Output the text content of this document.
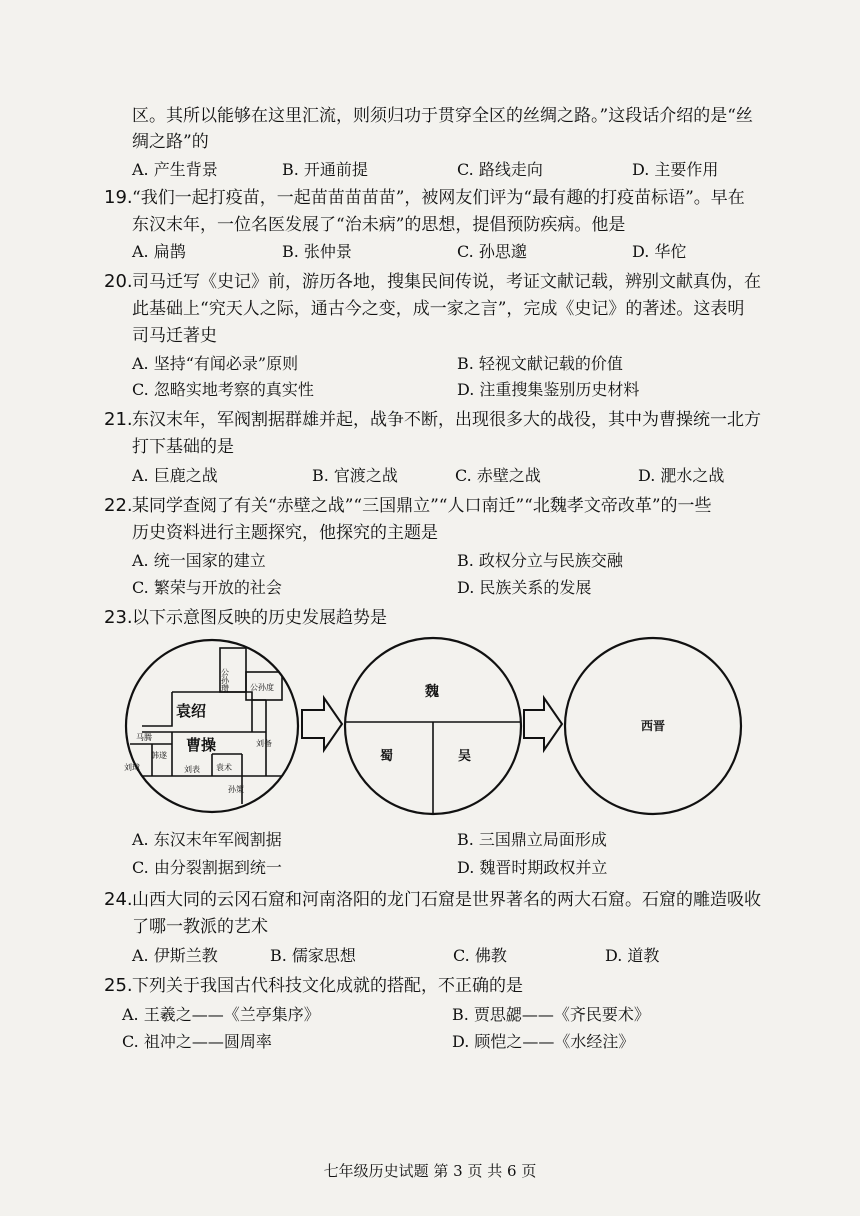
区。其所以能够在这里汇流，则须归功于贯穿全区的丝绸之路。”这段话介绍的是“丝
绸之路”的
A. 产生背景	B. 开通前提	C. 路线走向	D. 主要作用
19. “我们一起打疫苗，一起苗苗苗苗苗”，被网友们评为“最有趣的打疫苗标语”。早在
东汉末年，一位名医发展了“治未病”的思想，提倡预防疾病。他是
A. 扁鹊	B. 张仲景	C. 孙思邈	D. 华佗
20. 司马迁写《史记》前，游历各地，搜集民间传说，考证文献记载，辨别文献真伪，在
此基础上“究天人之际，通古今之变，成一家之言”，完成《史记》的著述。这表明
司马迁著史
A. 坚持“有闻必录”原则	B. 轻视文献记载的价值
C. 忽略实地考察的真实性	D. 注重搜集鉴别历史材料
21. 东汉末年，军阀割据群雄并起，战争不断，出现很多大的战役，其中为曹操统一北方
打下基础的是
A. 巨鹿之战	B. 官渡之战	C. 赤壁之战	D. 淝水之战
22. 某同学查阅了有关“赤壁之战”“三国鼎立”“人口南迁”“北魏孝文帝改革”的一些
历史资料进行主题探究，他探究的主题是
A. 统一国家的建立	B. 政权分立与民族交融
C. 繁荣与开放的社会	D. 民族关系的发展
23. 以下示意图反映的历史发展趋势是
公孙瓒	公孙度
袁绍
马腾 曹操
韩遂
刘璋	刘表 袁术
孙策
刘备
魏
蜀	吴
西晋
A. 东汉末年军阀割据	B. 三国鼎立局面形成
C. 由分裂割据到统一	D. 魏晋时期政权并立
24. 山西大同的云冈石窟和河南洛阳的龙门石窟是世界著名的两大石窟。石窟的雕造吸收
了哪一教派的艺术
A. 伊斯兰教	B. 儒家思想	C. 佛教	D. 道教
25. 下列关于我国古代科技文化成就的搭配，不正确的是
A. 王羲之——《兰亭集序》	B. 贾思勰——《齐民要术》
C. 祖冲之——圆周率	D. 顾恺之——《水经注》
七年级历史试题 第 3 页 共 6 页
